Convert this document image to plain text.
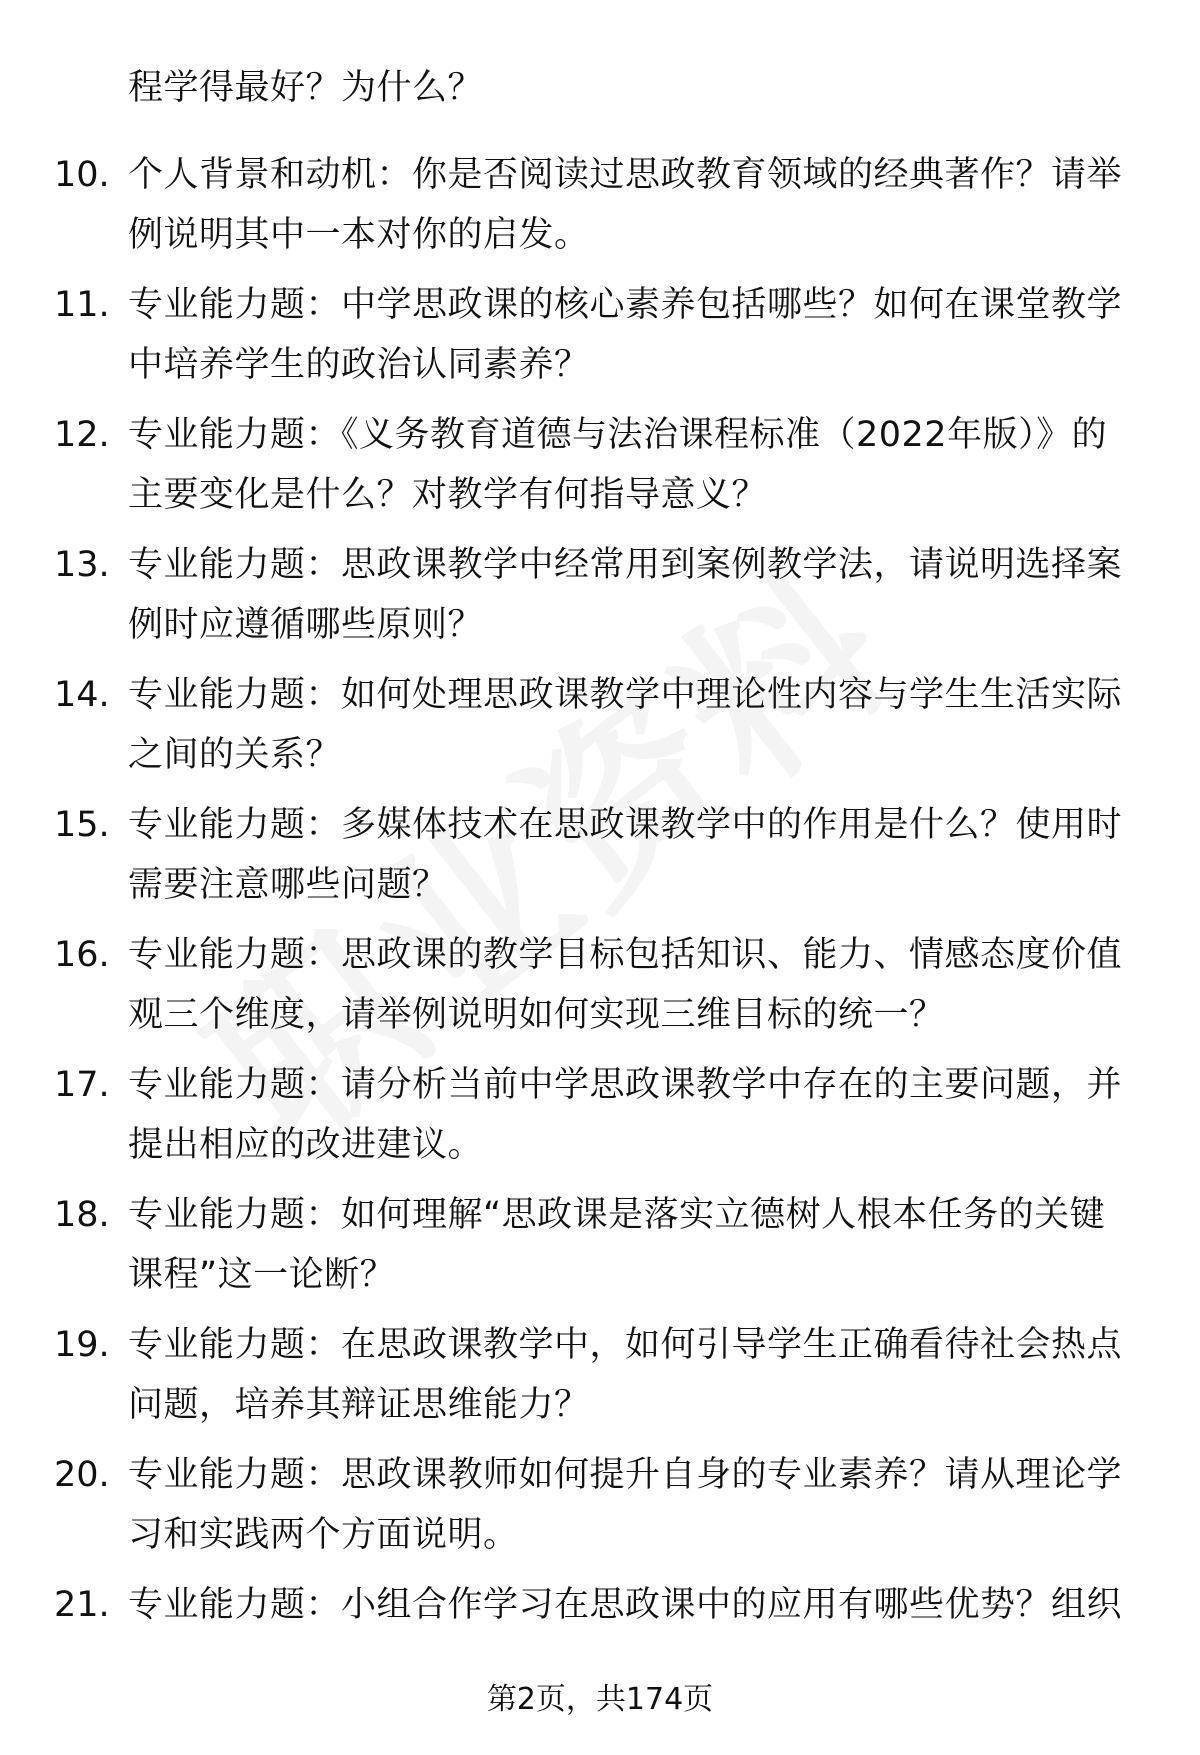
程学得最好？为什么？
10. 个人背景和动机：你是否阅读过思政教育领域的经典著作？请举
例说明其中一本对你的启发。
11. 专业能力题：中学思政课的核心素养包括哪些？如何在课堂教学
中培养学生的政治认同素养？
12. 专业能力题：《义务教育道德与法治课程标准（2022年版）》的
主要变化是什么？对教学有何指导意义？
13. 专业能力题：思政课教学中经常用到案例教学法，请说明选择案
例时应遵循哪些原则？
14. 专业能力题：如何处理思政课教学中理论性内容与学生生活实际
之间的关系？
15. 专业能力题：多媒体技术在思政课教学中的作用是什么？使用时
需要注意哪些问题？
16. 专业能力题：思政课的教学目标包括知识、能力、情感态度价值
观三个维度，请举例说明如何实现三维目标的统一？
17. 专业能力题：请分析当前中学思政课教学中存在的主要问题，并
提出相应的改进建议。
18. 专业能力题：如何理解“思政课是落实立德树人根本任务的关键
课程”这一论断？
19. 专业能力题：在思政课教学中，如何引导学生正确看待社会热点
问题，培养其辩证思维能力？
20. 专业能力题：思政课教师如何提升自身的专业素养？请从理论学
习和实践两个方面说明。
21. 专业能力题：小组合作学习在思政课中的应用有哪些优势？组织
第2页，共174页
